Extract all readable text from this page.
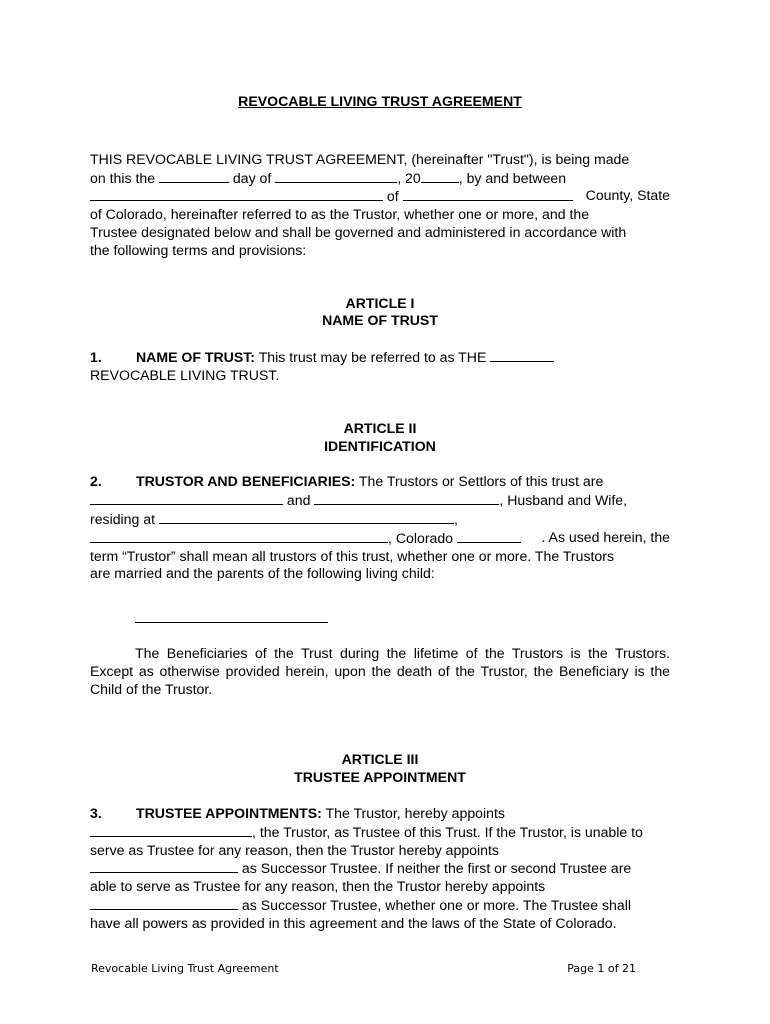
REVOCABLE LIVING TRUST AGREEMENT

THIS REVOCABLE LIVING TRUST AGREEMENT, (hereinafter "Trust"), is being made
on this the	day of	, 20	, by and between
of	County, State
of Colorado, hereinafter referred to as the Trustor, whether one or more, and the
Trustee designated below and shall be governed and administered in accordance with
the following terms and provisions:
ARTICLE I
NAME OF TRUST
1. NAME OF TRUST: This trust may be referred to as THE
REVOCABLE LIVING TRUST.
ARTICLE II
IDENTIFICATION
2. TRUSTOR AND BENEFICIARIES: The Trustors or Settlors of this trust are
and	, Husband and Wife,
residing at	,
, Colorado	. As used herein, the
term “Trustor” shall mean all trustors of this trust, whether one or more. The Trustors
are married and the parents of the following living child:

The Beneficiaries of the Trust during the lifetime of the Trustors is the Trustors. Except as otherwise provided herein, upon the death of the Trustor, the Beneficiary is the Child of the Trustor.

ARTICLE III
TRUSTEE APPOINTMENT
3. TRUSTEE APPOINTMENTS: The Trustor, hereby appoints
, the Trustor, as Trustee of this Trust. If the Trustor, is unable to
serve as Trustee for any reason, then the Trustor hereby appoints
as Successor Trustee. If neither the first or second Trustee are
able to serve as Trustee for any reason, then the Trustor hereby appoints
as Successor Trustee, whether one or more. The Trustee shall
have all powers as provided in this agreement and the laws of the State of Colorado.
Revocable Living Trust Agreement	Page 1 of 21
